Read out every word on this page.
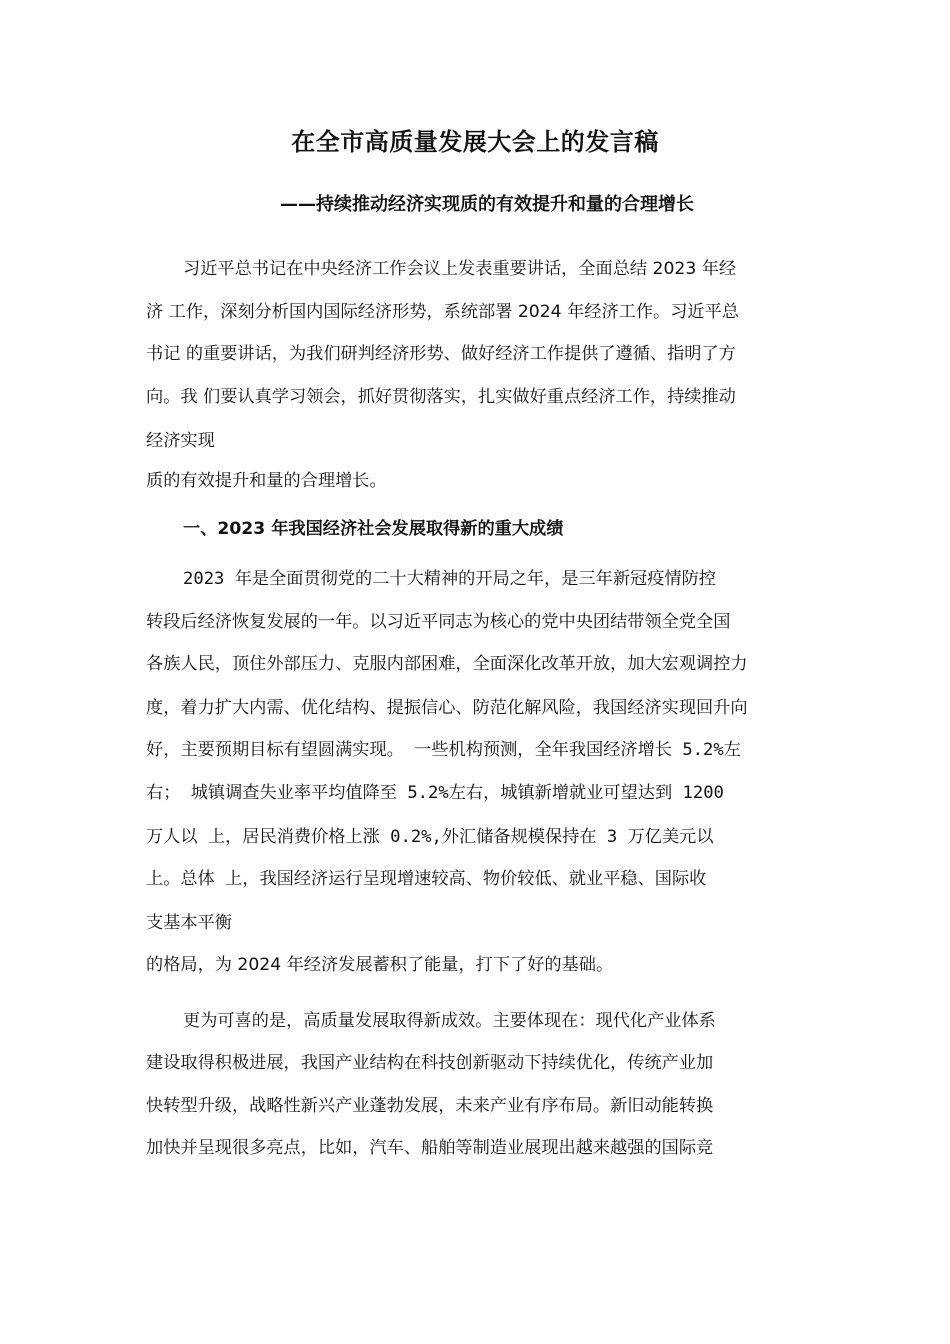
在全市高质量发展大会上的发言稿
——持续推动经济实现质的有效提升和量的合理增长
习近平总书记在中央经济工作会议上发表重要讲话，全面总结 2023 年经
济 工作，深刻分析国内国际经济形势，系统部署 2024 年经济工作。习近平总
书记 的重要讲话，为我们研判经济形势、做好经济工作提供了遵循、指明了方
向。我 们要认真学习领会，抓好贯彻落实，扎实做好重点经济工作，持续推动
经济实现
质的有效提升和量的合理增长。
一、2023 年我国经济社会发展取得新的重大成绩
2023 年是全面贯彻党的二十大精神的开局之年，是三年新冠疫情防控
转段后经济恢复发展的一年。以习近平同志为核心的党中央团结带领全党全国
各族人民，顶住外部压力、克服内部困难，全面深化改革开放，加大宏观调控力
度，着力扩大内需、优化结构、提振信心、防范化解风险，我国经济实现回升向
好，主要预期目标有望圆满实现。 一些机构预测，全年我国经济增长 5.2%左
右； 城镇调查失业率平均值降至 5.2%左右，城镇新增就业可望达到 1200
万人以 上，居民消费价格上涨 0.2%,外汇储备规模保持在 3 万亿美元以
上。总体 上，我国经济运行呈现增速较高、物价较低、就业平稳、国际收
支基本平衡
的格局，为 2024 年经济发展蓄积了能量，打下了好的基础。
更为可喜的是，高质量发展取得新成效。主要体现在：现代化产业体系
建设取得积极进展，我国产业结构在科技创新驱动下持续优化，传统产业加
快转型升级，战略性新兴产业蓬勃发展，未来产业有序布局。新旧动能转换
加快并呈现很多亮点，比如，汽车、船舶等制造业展现出越来越强的国际竞
